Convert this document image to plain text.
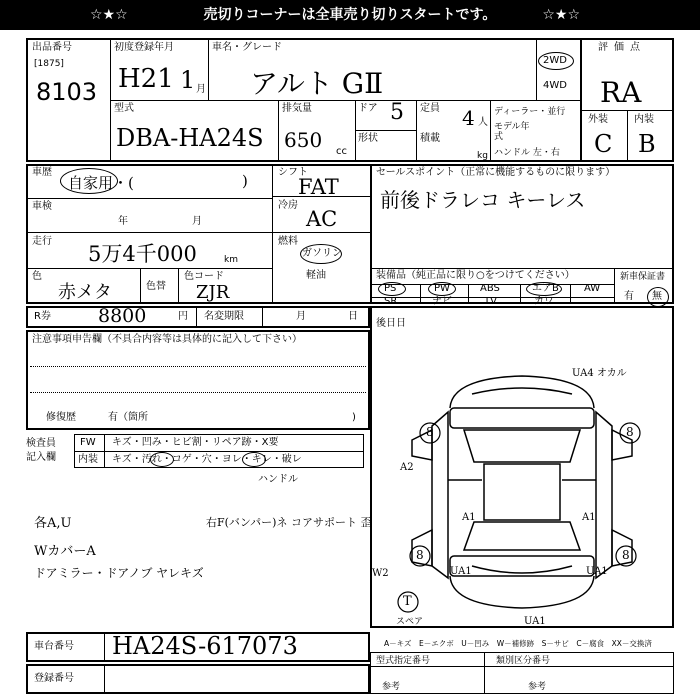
☆★☆	売切りコーナーは全車売り切りスタートです。	☆★☆
出品番号
[1875]
8103
初度登録年月
H21 1 月
車名・グレード
アルト GⅡ
2WD
4WD
評価点
RA
型式
DBA-HA24S
排気量
650 cc
ドア 5
形状
定員 4 人
積載
kg
ディーラー・並行
モデル年式
ハンドル 左・右
外装	内装
C B
車歴
自家用・(	)
車検
年	月
走行
5万4千000	km
色
赤メタ	色替
色コード
ZJR
シフト
FAT
冷房
AC
燃料
ガソリン
軽油
セールスポイント（正常に機能するものに限ります）
前後ドラレコ キーレス
装備品（純正品に限り○をつけてください）
PS	PW	ABS	エアB	AW
SR	ナビ	TV	カワ
新車保証書
有 無
R券 8800	円 名変期限	月	日
後日日
注意事項申告欄（不具合内容等は具体的に記入して下さい）
修復歴	有（箇所	)
検査員
記入欄
FW キズ・凹み・ヒビ割・リペア跡・X要
内装 キズ・汚れ・コゲ・穴・ヨレ・キレ・破レ
ハンドル
各A,U
WカバーA
ドアミラー・ドアノブ ヤレキズ
右F(バンパー)ネ コアサポート 歪
UA4 オカル
8	8
8	8
T
スペア
A2
A1	A1
UA1	UA1
UA1
W2
車台番号 HA24S-617073
登録番号
A－キズ　E－エクボ　U－凹み　W－補修跡　S－サビ　C－腐食　XX－交換済
型式指定番号	類別区分番号
参考	参考
